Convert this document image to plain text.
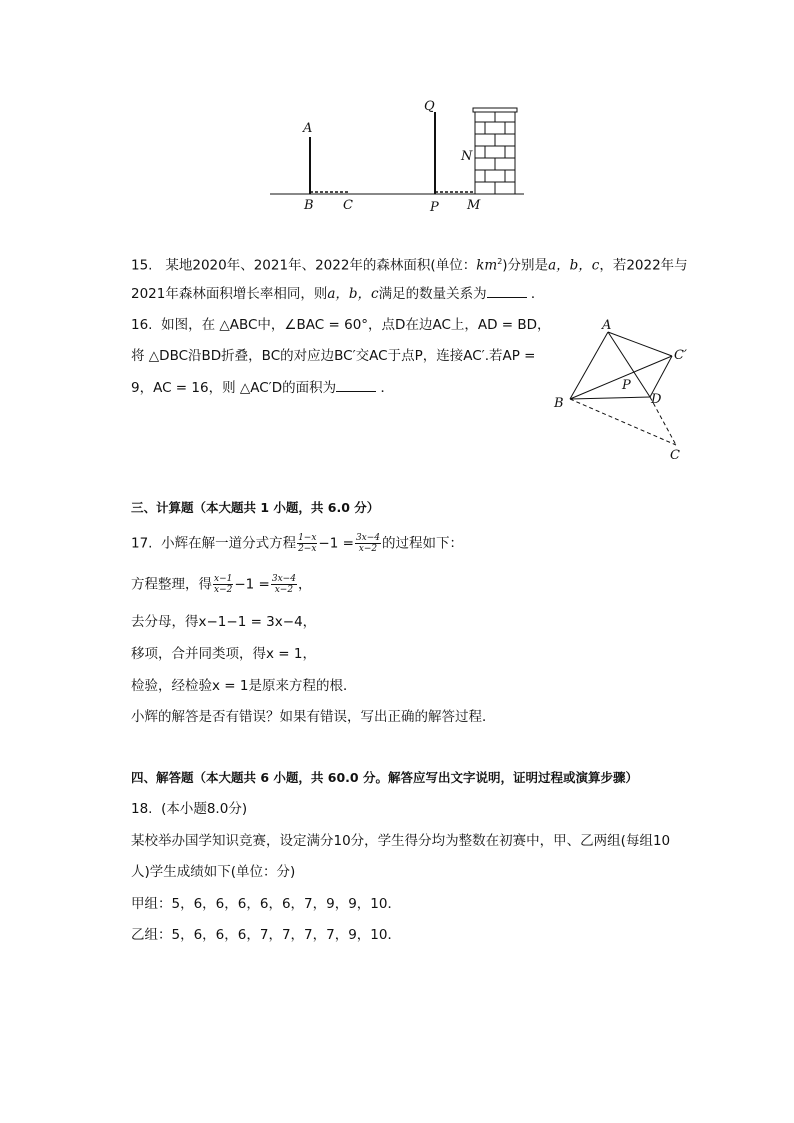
A
B C
Q
P
N
M
15. 某地2020年、2021年、2022年的森林面积(单位：$km^2$)分别是a，b，c，若2022年与
2021年森林面积增长率相同，则a，b，c满足的数量关系为	．
16. 如图，在 △ABC中，∠BAC = 60°，点D在边AC上，AD = BD，
将 △DBC沿BD折叠，BC的对应边BC′交AC于点P，连接AC′.若AP =
9，AC = 16，则 △AC′D的面积为	．
A
C′
P
B	D
C
三、计算题（本大题共 1 小题，共 6.0 分）
17. 小辉在解一道分式方程 $\frac{1-x}{2-x} -1 = \frac{3x-4}{x-2}$ 的过程如下：
方程整理，得 $\frac{x-1}{x-2} -1 = \frac{3x-4}{x-2}$ ，
去分母，得x−1−1 = 3x−4，
移项，合并同类项，得x = 1，
检验，经检验x = 1是原来方程的根．
小辉的解答是否有错误？如果有错误，写出正确的解答过程．
四、解答题（本大题共 6 小题，共 60.0 分。解答应写出文字说明，证明过程或演算步骤）
18. (本小题8.0分)
某校举办国学知识竞赛，设定满分10分，学生得分均为整数在初赛中，甲、乙两组(每组10
人)学生成绩如下(单位：分)
甲组：5，6，6，6，6，6，7，9，9，10．
乙组：5，6，6，6，7，7，7，7，9，10．
